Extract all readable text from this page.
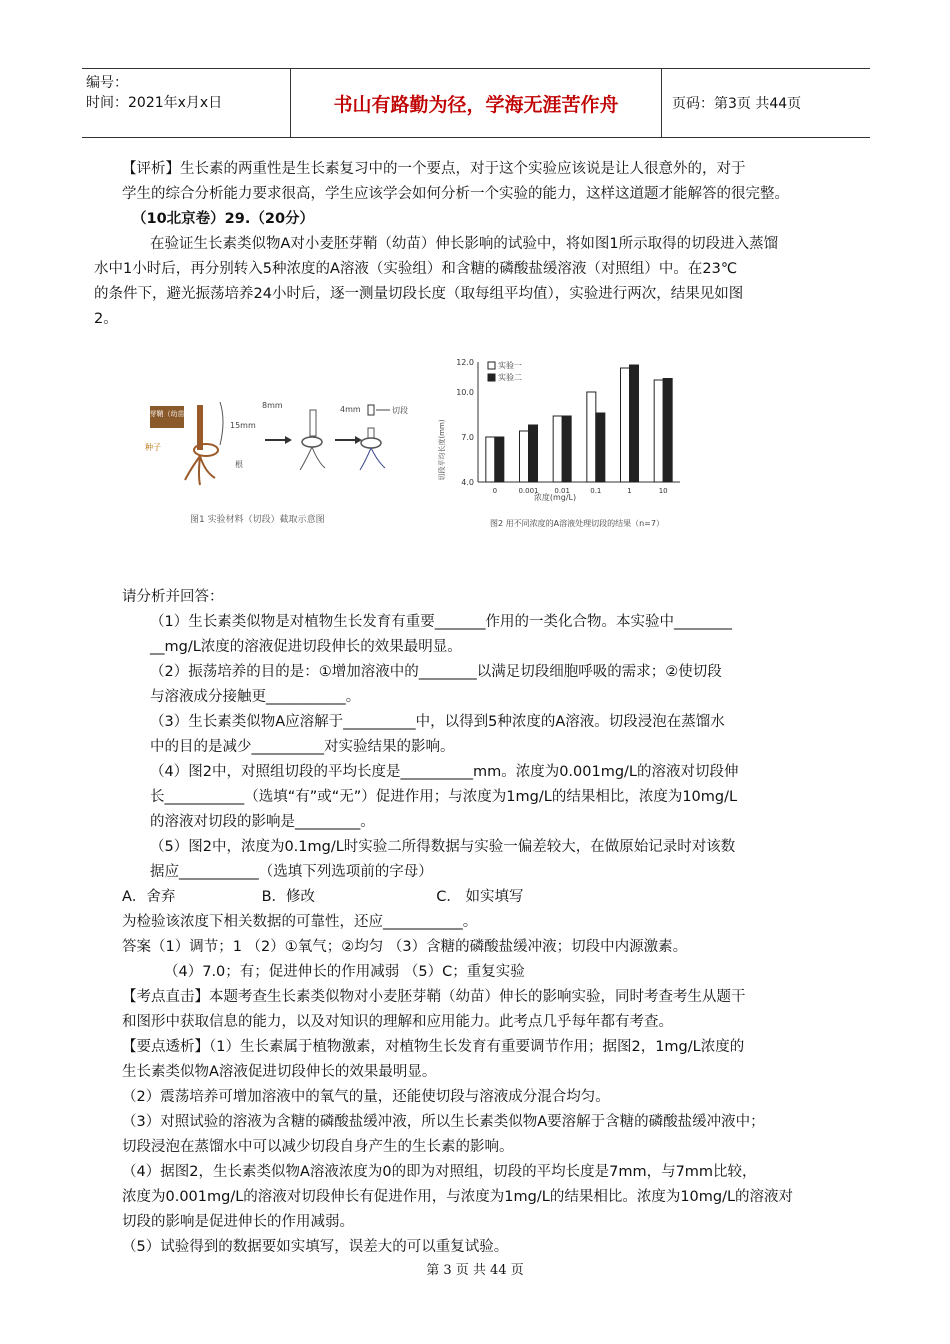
编号：
时间：2021年x月x日	书山有路勤为径，学海无涯苦作舟	页码：第3页 共44页

【评析】生长素的两重性是生长素复习中的一个要点，对于这个实验应该说是让人很意外的，对于

学生的综合分析能力要求很高，学生应该学会如何分析一个实验的能力，这样这道题才能解答的很完整。

（10北京卷）29.（20分）

在验证生长素类似物A对小麦胚芽鞘（幼苗）伸长影响的试验中，将如图1所示取得的切段进入蒸馏

水中1小时后，再分别转入5种浓度的A溶液（实验组）和含糖的磷酸盐缓溶液（对照组）中。在23℃

的条件下，避光振荡培养24小时后，逐一测量切段长度（取每组平均值），实验进行两次，结果见如图

2。

胚芽鞘（幼苗）
种子
根
15mm
8mm	4mm	切段
图1 实验材料（切段）截取示意图
切段平均长度(mm)
4.0
7.0
10.0
12.0
0	0.001 0.01	0.1	1	10
实验一
实验二
浓度(mg/L)
图2 用不同浓度的A溶液处理切段的结果（n=7）

请分析并回答：

（1）生长素类似物是对植物生长发育有重要_______作用的一类化合物。本实验中________

__mg/L浓度的溶液促进切段伸长的效果最明显。

（2）振荡培养的目的是：①增加溶液中的________以满足切段细胞呼吸的需求；②使切段

与溶液成分接触更___________。

（3）生长素类似物A应溶解于__________中，以得到5种浓度的A溶液。切段浸泡在蒸馏水

中的目的是减少__________对实验结果的影响。

（4）图2中，对照组切段的平均长度是__________mm。浓度为0.001mg/L的溶液对切段伸

长___________（选填“有”或“无”）促进作用；与浓度为1mg/L的结果相比，浓度为10mg/L

的溶液对切段的影响是_________。

（5）图2中，浓度为0.1mg/L时实验二所得数据与实验一偏差较大，在做原始记录时对该数

据应___________（选填下列选项前的字母）

A．舍弃	B．修改	C． 如实填写

为检验该浓度下相关数据的可靠性，还应___________。

答案（1）调节；1 （2）①氧气；②均匀 （3）含糖的磷酸盐缓冲液；切段中内源激素。

（4）7.0；有；促进伸长的作用减弱 （5）C；重复实验

【考点直击】本题考查生长素类似物对小麦胚芽鞘（幼苗）伸长的影响实验，同时考查考生从题干

和图形中获取信息的能力，以及对知识的理解和应用能力。此考点几乎每年都有考查。

【要点透析】（1）生长素属于植物激素，对植物生长发育有重要调节作用；据图2，1mg/L浓度的

生长素类似物A溶液促进切段伸长的效果最明显。

（2）震荡培养可增加溶液中的氧气的量，还能使切段与溶液成分混合均匀。

（3）对照试验的溶液为含糖的磷酸盐缓冲液，所以生长素类似物A要溶解于含糖的磷酸盐缓冲液中；

切段浸泡在蒸馏水中可以减少切段自身产生的生长素的影响。

（4）据图2，生长素类似物A溶液浓度为0的即为对照组，切段的平均长度是7mm，与7mm比较，

浓度为0.001mg/L的溶液对切段伸长有促进作用，与浓度为1mg/L的结果相比。浓度为10mg/L的溶液对

切段的影响是促进伸长的作用减弱。

（5）试验得到的数据要如实填写，误差大的可以重复试验。

第 3 页 共 44 页
